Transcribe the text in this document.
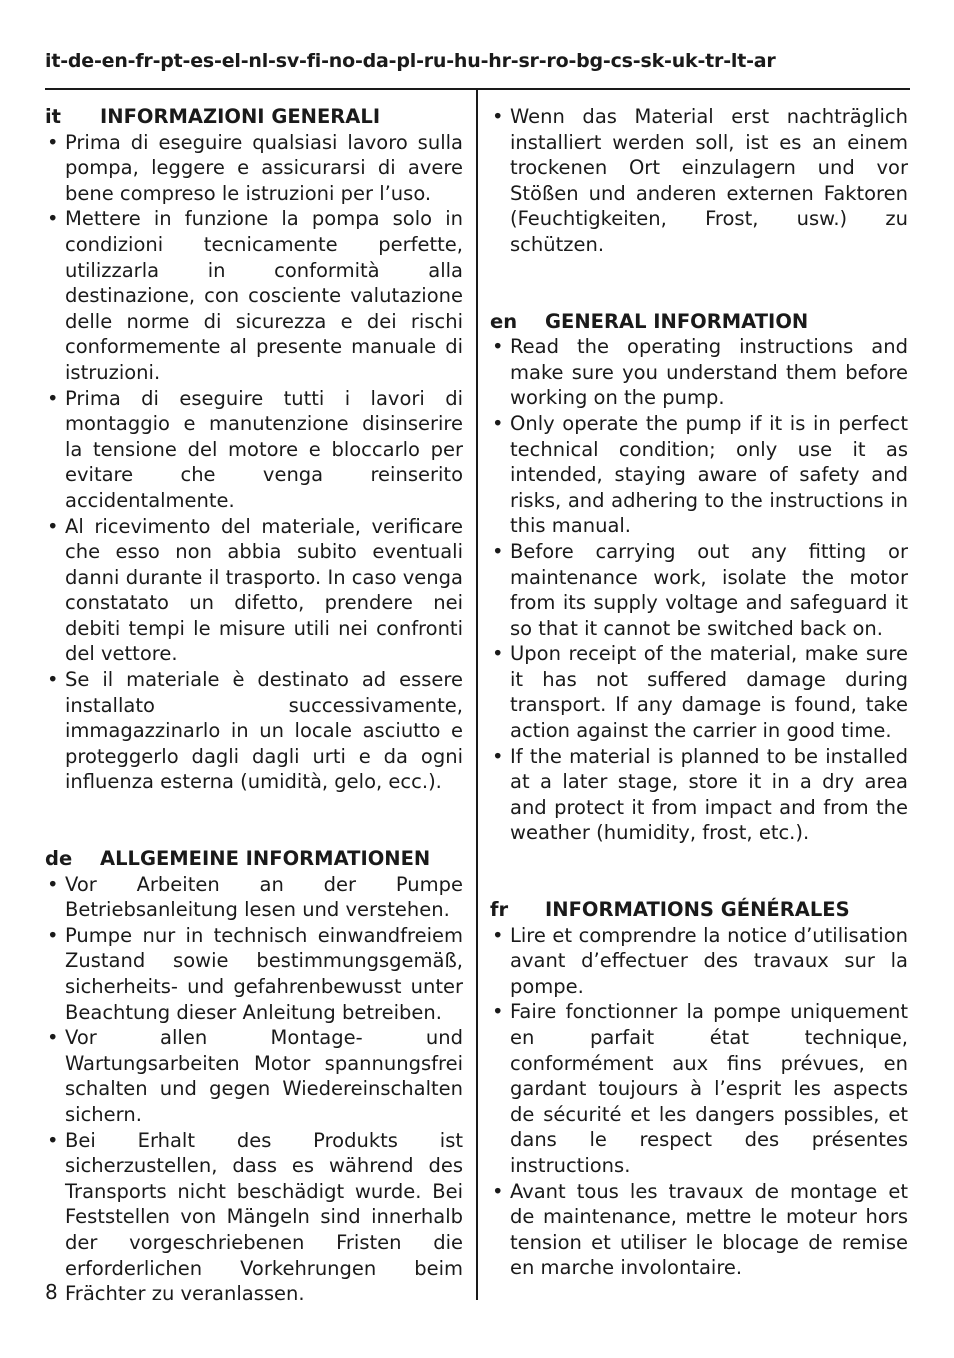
it-de-en-fr-pt-es-el-nl-sv-fi-no-da-pl-ru-hu-hr-sr-ro-bg-cs-sk-uk-tr-lt-ar
it	INFORMAZIONI GENERALI
• Prima di eseguire qualsiasi lavoro sulla pompa, leggere e assicurarsi di avere bene compreso le istruzioni per l’uso.
• Mettere in funzione la pompa solo in condizioni tecnicamente perfette, utilizzarla in conformità alla destinazione, con cosciente valutazione delle norme di sicurezza e dei rischi conformemente al presente manuale di istruzioni.
• Prima di eseguire tutti i lavori di montaggio e manutenzione disinserire la tensione del motore e bloccarlo per evitare che venga reinserito accidentalmente.
• Al ricevimento del materiale, verificare che esso non abbia subito eventuali danni durante il trasporto. In caso venga constatato un difetto, prendere nei debiti tempi le misure utili nei confronti del vettore.
• Se il materiale è destinato ad essere installato successivamente, immagazzinarlo in un locale asciutto e proteggerlo dagli dagli urti e da ogni influenza esterna (umidità, gelo, ecc.).
de	ALLGEMEINE INFORMATIONEN
• Vor Arbeiten an der Pumpe Betriebsanleitung lesen und verstehen.
• Pumpe nur in technisch einwandfreiem Zustand sowie bestimmungsgemäß, sicherheits- und gefahrenbewusst unter Beachtung dieser Anleitung betreiben.
• Vor allen Montage- und Wartungsarbeiten Motor spannungsfrei schalten und gegen Wiedereinschalten sichern.
• Bei Erhalt des Produkts ist sicherzustellen, dass es während des Transports nicht beschädigt wurde. Bei Feststellen von Mängeln sind innerhalb der vorgeschriebenen Fristen die erforderlichen Vorkehrungen beim Frächter zu veranlassen.
• Wenn das Material erst nachträglich installiert werden soll, ist es an einem trockenen Ort einzulagern und vor Stößen und anderen externen Faktoren (Feuchtigkeiten, Frost, usw.) zu schützen.
en	GENERAL INFORMATION
• Read the operating instructions and make sure you understand them before working on the pump.
• Only operate the pump if it is in perfect technical condition; only use it as intended, staying aware of safety and risks, and adhering to the instructions in this manual.
• Before carrying out any fitting or maintenance work, isolate the motor from its supply voltage and safeguard it so that it cannot be switched back on.
• Upon receipt of the material, make sure it has not suffered damage during transport. If any damage is found, take action against the carrier in good time.
• If the material is planned to be installed at a later stage, store it in a dry area and protect it from impact and from the weather (humidity, frost, etc.).
fr	INFORMATIONS GÉNÉRALES
• Lire et comprendre la notice d’utilisation avant d’effectuer des travaux sur la pompe.
• Faire fonctionner la pompe uniquement en parfait état technique, conformément aux fins prévues, en gardant toujours à l’esprit les aspects de sécurité et les dangers possibles, et dans le respect des présentes instructions.
• Avant tous les travaux de montage et de maintenance, mettre le moteur hors tension et utiliser le blocage de remise en marche involontaire.
8
